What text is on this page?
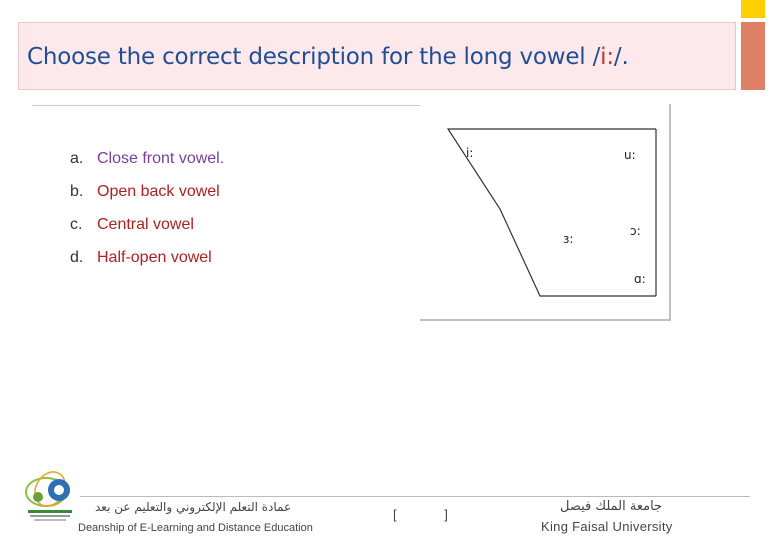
Choose the correct description for the long vowel /i:/.
a. Close front vowel.
b. Open back vowel
c. Central vowel
d. Half-open vowel
i:	u:
ɜ:
ɔ:
ɑ:
عمادة التعلم الإلكتروني والتعليم عن بعد
Deanship of E-Learning and Distance Education
[ ]
جامعة الملك فيصل
King Faisal University
